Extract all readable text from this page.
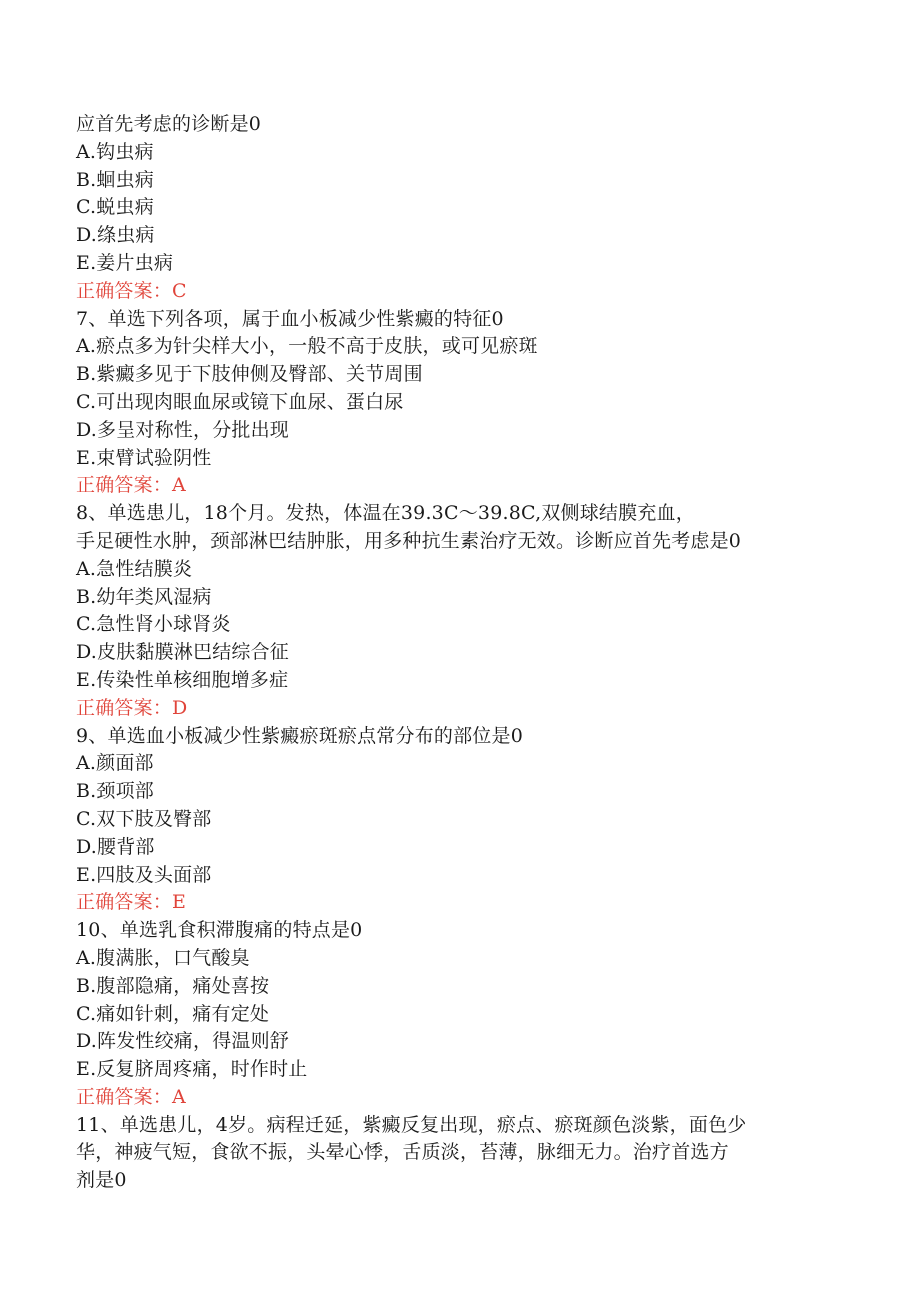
应首先考虑的诊断是0
A.钩虫病
B.蛔虫病
C.蜕虫病
D.绦虫病
E.姜片虫病
正确答案：C
7、单选下列各项，属于血小板减少性紫癜的特征0
A.瘀点多为针尖样大小，一般不高于皮肤，或可见瘀斑
B.紫癜多见于下肢伸侧及臀部、关节周围
C.可出现肉眼血尿或镜下血尿、蛋白尿
D.多呈对称性，分批出现
E.束臂试验阴性
正确答案：A
8、单选患儿，18个月。发热，体温在39.3C～39.8C,双侧球结膜充血，
手足硬性水肿，颈部淋巴结肿胀，用多种抗生素治疗无效。诊断应首先考虑是0
A.急性结膜炎
B.幼年类风湿病
C.急性肾小球肾炎
D.皮肤黏膜淋巴结综合征
E.传染性单核细胞增多症
正确答案：D
9、单选血小板减少性紫癜瘀斑瘀点常分布的部位是0
A.颜面部
B.颈项部
C.双下肢及臀部
D.腰背部
E.四肢及头面部
正确答案：E
10、单选乳食积滞腹痛的特点是0
A.腹满胀，口气酸臭
B.腹部隐痛，痛处喜按
C.痛如针刺，痛有定处
D.阵发性绞痛，得温则舒
E.反复脐周疼痛，时作时止
正确答案：A
11、单选患儿，4岁。病程迁延，紫癜反复出现，瘀点、瘀斑颜色淡紫，面色少
华，神疲气短，食欲不振，头晕心悸，舌质淡，苔薄，脉细无力。治疗首选方
剂是0
